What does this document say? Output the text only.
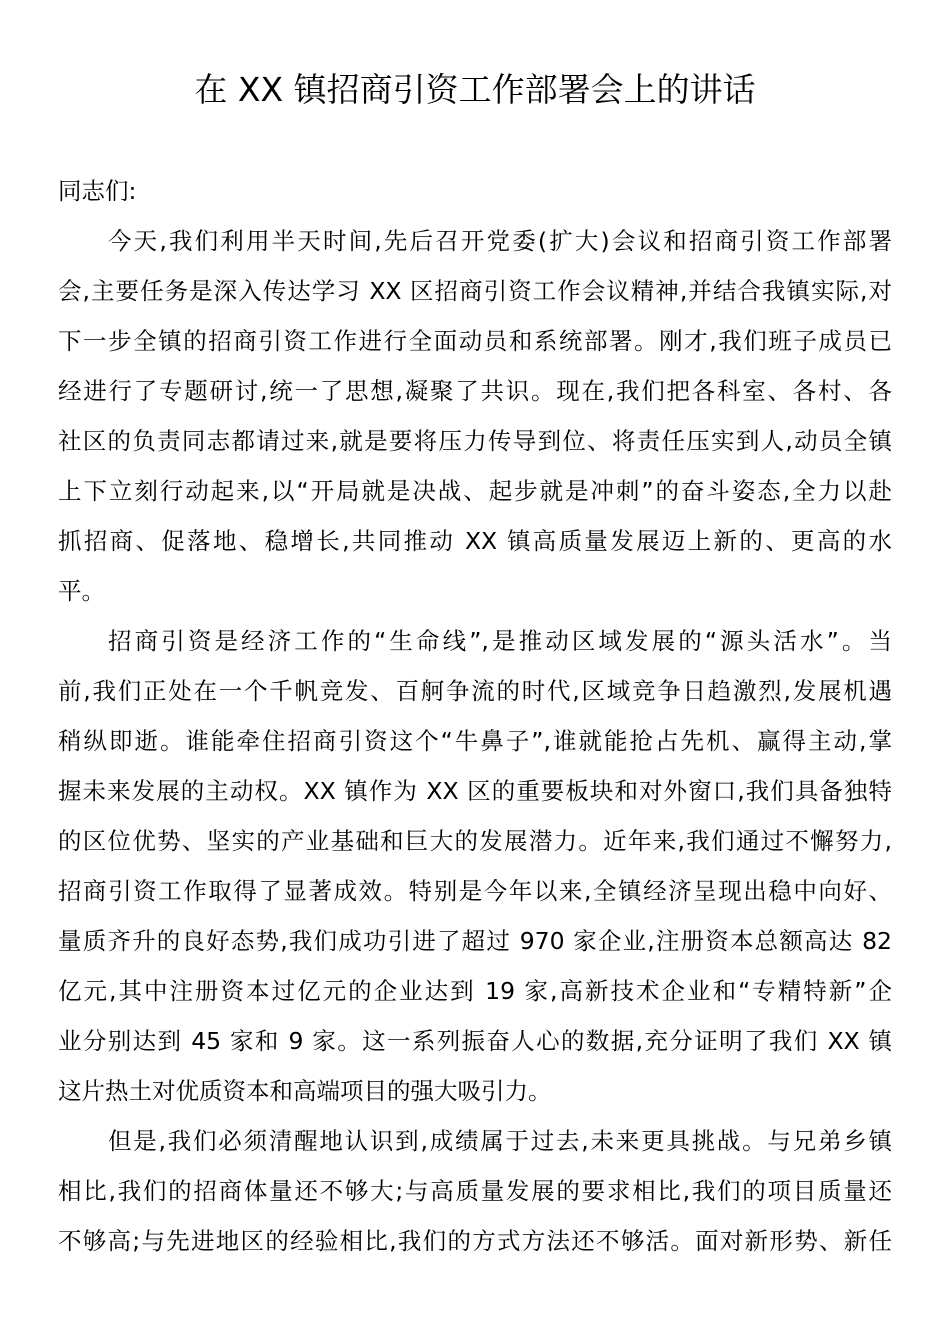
在 XX 镇招商引资工作部署会上的讲话
同志们:
今天,我们利用半天时间,先后召开党委(扩大)会议和招商引资工作部署
会,主要任务是深入传达学习 XX 区招商引资工作会议精神,并结合我镇实际,对
下一步全镇的招商引资工作进行全面动员和系统部署。刚才,我们班子成员已
经进行了专题研讨,统一了思想,凝聚了共识。现在,我们把各科室、各村、各
社区的负责同志都请过来,就是要将压力传导到位、将责任压实到人,动员全镇
上下立刻行动起来,以“开局就是决战、起步就是冲刺”的奋斗姿态,全力以赴
抓招商、促落地、稳增长,共同推动 XX 镇高质量发展迈上新的、更高的水
平。
招商引资是经济工作的“生命线”,是推动区域发展的“源头活水”。当
前,我们正处在一个千帆竞发、百舸争流的时代,区域竞争日趋激烈,发展机遇
稍纵即逝。谁能牵住招商引资这个“牛鼻子”,谁就能抢占先机、赢得主动,掌
握未来发展的主动权。XX 镇作为 XX 区的重要板块和对外窗口,我们具备独特
的区位优势、坚实的产业基础和巨大的发展潜力。近年来,我们通过不懈努力,
招商引资工作取得了显著成效。特别是今年以来,全镇经济呈现出稳中向好、
量质齐升的良好态势,我们成功引进了超过 970 家企业,注册资本总额高达 82
亿元,其中注册资本过亿元的企业达到 19 家,高新技术企业和“专精特新”企
业分别达到 45 家和 9 家。这一系列振奋人心的数据,充分证明了我们 XX 镇
这片热土对优质资本和高端项目的强大吸引力。
但是,我们必须清醒地认识到,成绩属于过去,未来更具挑战。与兄弟乡镇
相比,我们的招商体量还不够大;与高质量发展的要求相比,我们的项目质量还
不够高;与先进地区的经验相比,我们的方式方法还不够活。面对新形势、新任
